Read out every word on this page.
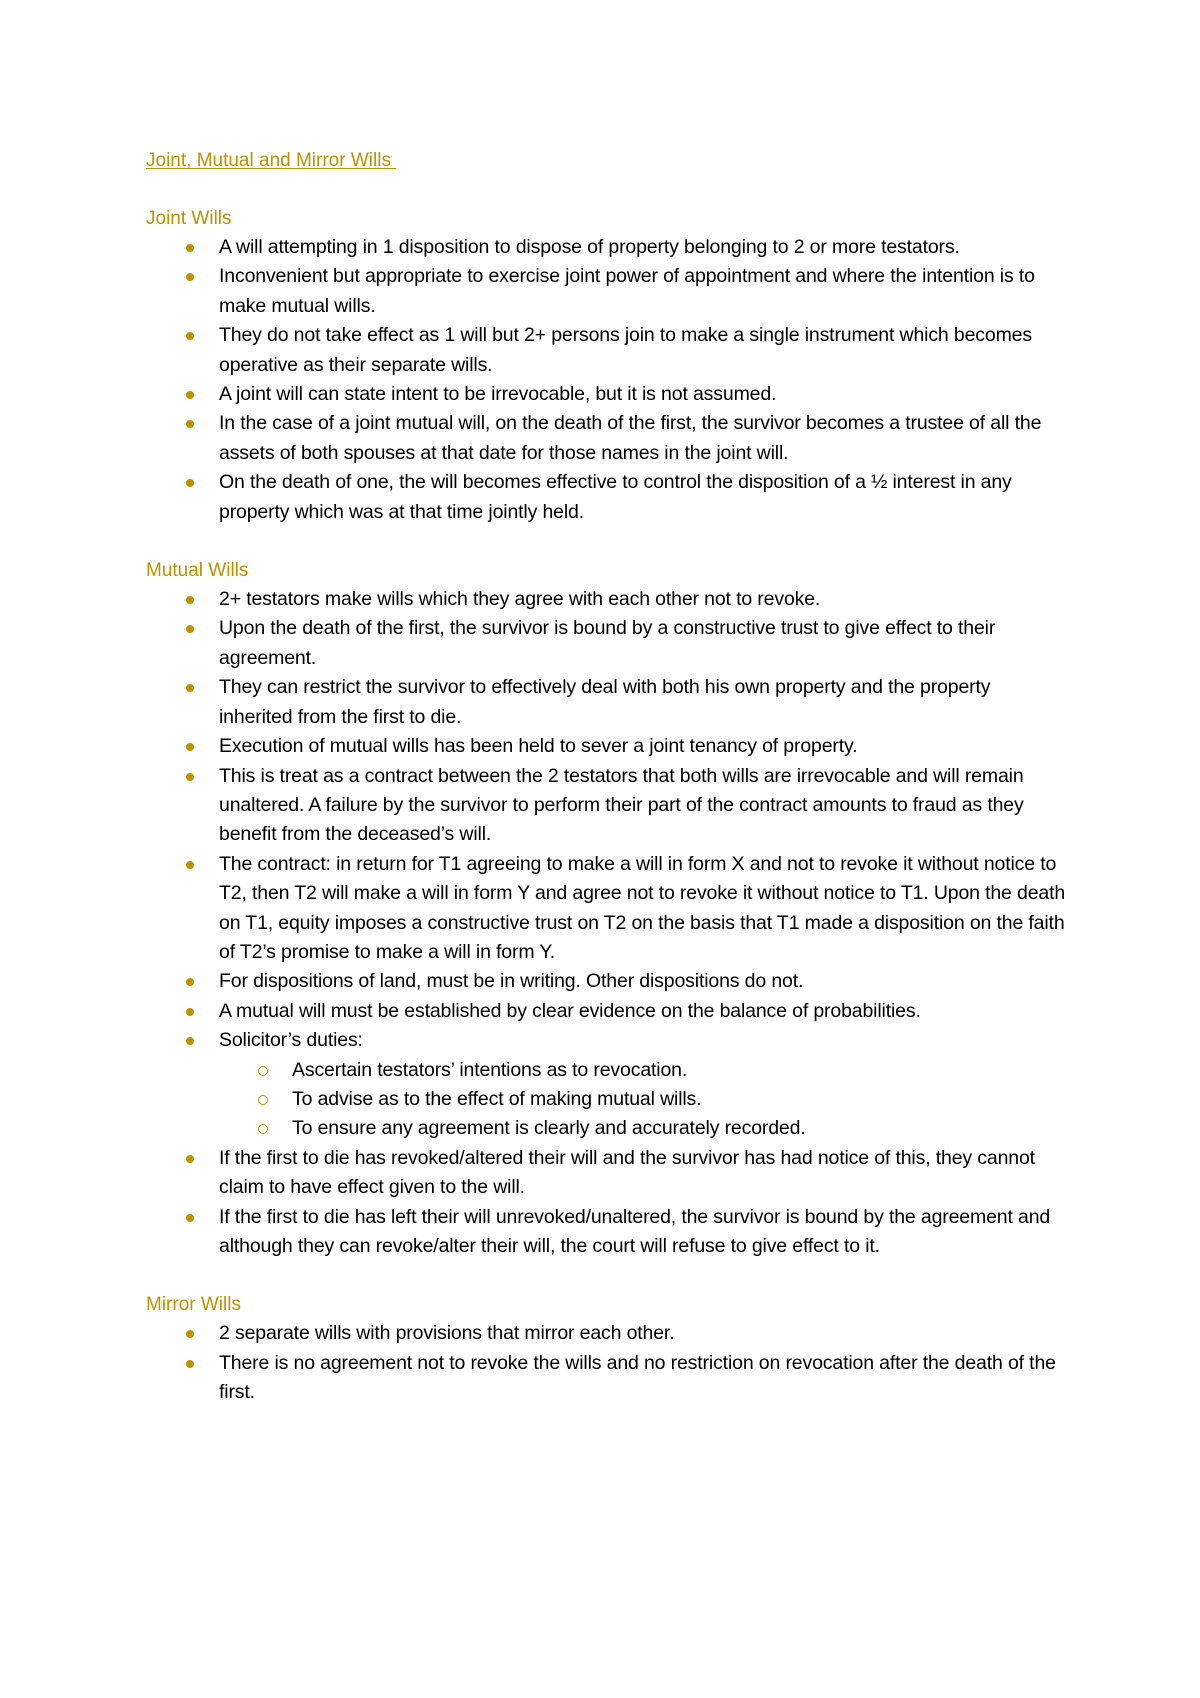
Joint, Mutual and Mirror Wills
Joint Wills
A will attempting in 1 disposition to dispose of property belonging to 2 or more testators.
Inconvenient but appropriate to exercise joint power of appointment and where the intention is to make mutual wills.
They do not take effect as 1 will but 2+ persons join to make a single instrument which becomes operative as their separate wills.
A joint will can state intent to be irrevocable, but it is not assumed.
In the case of a joint mutual will, on the death of the first, the survivor becomes a trustee of all the assets of both spouses at that date for those names in the joint will.
On the death of one, the will becomes effective to control the disposition of a ½ interest in any property which was at that time jointly held.
Mutual Wills
2+ testators make wills which they agree with each other not to revoke.
Upon the death of the first, the survivor is bound by a constructive trust to give effect to their agreement.
They can restrict the survivor to effectively deal with both his own property and the property inherited from the first to die.
Execution of mutual wills has been held to sever a joint tenancy of property.
This is treat as a contract between the 2 testators that both wills are irrevocable and will remain unaltered. A failure by the survivor to perform their part of the contract amounts to fraud as they benefit from the deceased’s will.
The contract: in return for T1 agreeing to make a will in form X and not to revoke it without notice to T2, then T2 will make a will in form Y and agree not to revoke it without notice to T1. Upon the death on T1, equity imposes a constructive trust on T2 on the basis that T1 made a disposition on the faith of T2’s promise to make a will in form Y.
For dispositions of land, must be in writing. Other dispositions do not.
A mutual will must be established by clear evidence on the balance of probabilities.
Solicitor’s duties:
Ascertain testators’ intentions as to revocation.
To advise as to the effect of making mutual wills.
To ensure any agreement is clearly and accurately recorded.
If the first to die has revoked/altered their will and the survivor has had notice of this, they cannot claim to have effect given to the will.
If the first to die has left their will unrevoked/unaltered, the survivor is bound by the agreement and although they can revoke/alter their will, the court will refuse to give effect to it.
Mirror Wills
2 separate wills with provisions that mirror each other.
There is no agreement not to revoke the wills and no restriction on revocation after the death of the first.
